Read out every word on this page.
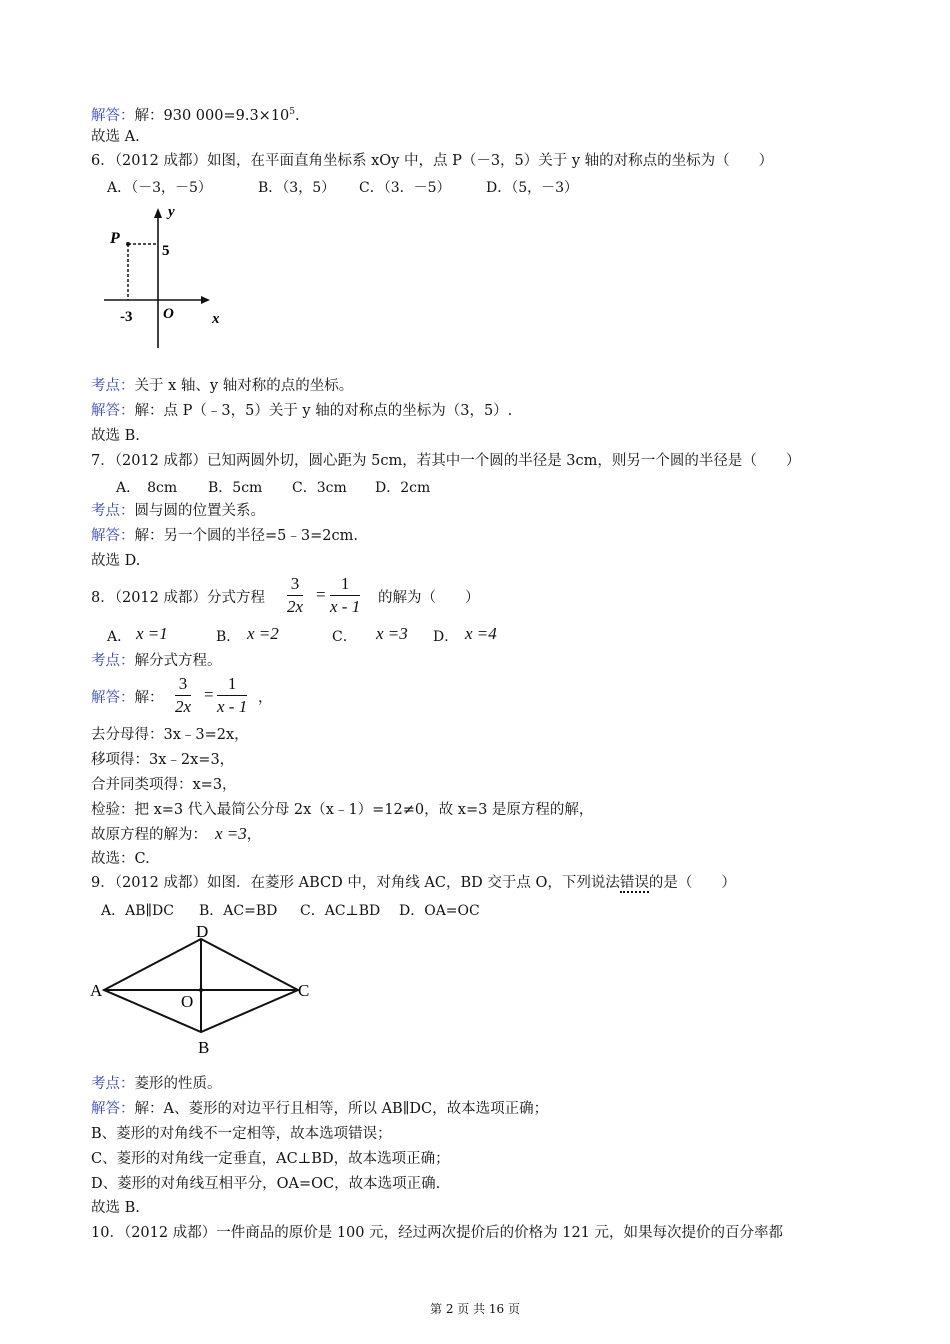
解答：解：930 $000=9.3\times 10^5$.
故选 A.
6．（2012 成都）如图，在平面直角坐标系 xOy 中，点 P（－3，5）关于 y 轴的对称点的坐标为（　　）
A．（－3，－5）	B．（3，5） C．（3．－5）	D．（5，－3）
P
y
x
O
5
-3
考点：关于 x 轴、y 轴对称的点的坐标。
解答：解：点 P（﹣3，5）关于 y 轴的对称点的坐标为（3，5）.
故选 B.
7．（2012 成都）已知两圆外切，圆心距为 5cm，若其中一个圆的半径是 3cm，则另一个圆的半径是（　　）
A．　8cm B．5cm C．3cm D．2cm
考点：圆与圆的位置关系。
解答：解：另一个圆的半径=5﹣3=2cm.
故选 D.
8．（2012 成都）分式方程 $\frac{3}{2x} = \frac{1}{x - 1}$ 的解为（　　）
A． x =1	B． x =2	C． x =3 D． x =4
考点：解分式方程。
解答：解： $\frac{3}{2x} = \frac{1}{x - 1}$ ，
去分母得：3x﹣3=2x，
移项得：3x﹣2x=3，
合并同类项得：x=3，
检验：把 x=3 代入最简公分母 2x（x﹣1）=12≠0，故 x=3 是原方程的解，
故原方程的解为： x =3，
故选：C.
9．（2012 成都）如图．在菱形 ABCD 中，对角线 AC，BD 交于点 O，下列说法错误的是（　　）
A．AB∥DC B．AC=BD C．AC⊥BD D．OA=OC
A
D
C
B
O
考点：菱形的性质。
解答：解：A、菱形的对边平行且相等，所以 AB∥DC，故本选项正确；
B、菱形的对角线不一定相等，故本选项错误；
C、菱形的对角线一定垂直，AC⊥BD，故本选项正确；
D、菱形的对角线互相平分，OA=OC，故本选项正确.
故选 B.
10．（2012 成都）一件商品的原价是 100 元，经过两次提价后的价格为 121 元，如果每次提价的百分率都
第 2 页 共 16 页
